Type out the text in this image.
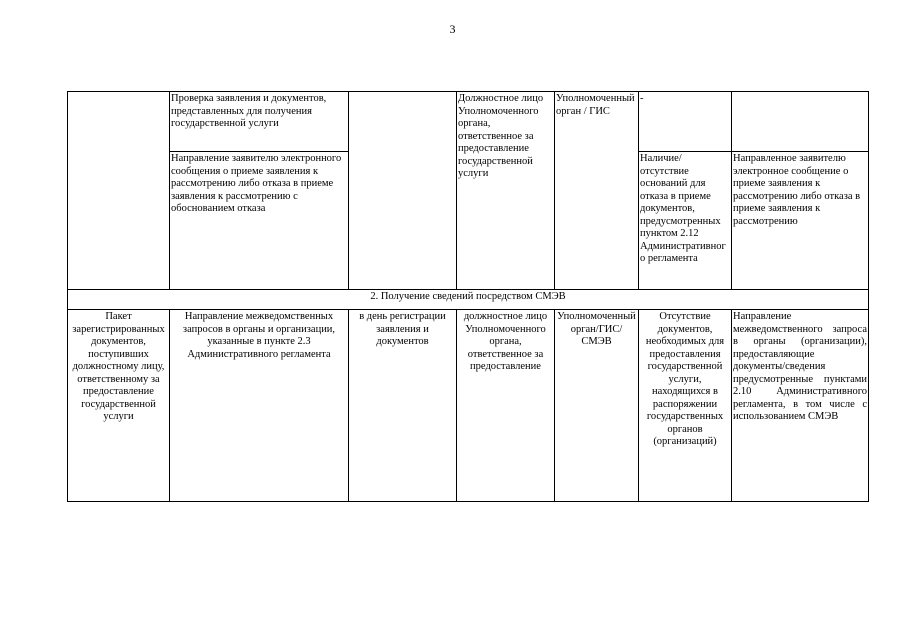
3
	Проверка заявления и документов, представленных для получения государственной услуги		Должностное лицо Уполномоченного органа, ответственное за предоставление государственной услуги	Уполномоченный орган / ГИС	-	
	Направление заявителю электронного сообщения о приеме заявления к рассмотрению либо отказа в приеме заявления к рассмотрению с обоснованием отказа				Наличие/отсутствие оснований для отказа в приеме документов, предусмотренных пунктом 2.12 Административного регламента	Направленное заявителю электронное сообщение о приеме заявления к рассмотрению либо отказа в приеме заявления к рассмотрению
2. Получение сведений посредством СМЭВ						
Пакет зарегистрированных документов, поступивших должностному лицу, ответственному за предоставление государственной услуги	Направление межведомственных запросов в органы и организации, указанные в пункте 2.3 Административного регламента	в день регистрации заявления и документов	должностное лицо Уполномоченного органа, ответственное за предоставление	Уполномоченный орган/ГИС/ СМЭВ	Отсутствие документов, необходимых для предоставления государственной услуги, находящихся в распоряжении государственных органов (организаций)	Направление межведомственного запроса в органы (организации), предоставляющие документы/сведения предусмотренные пунктами 2.10 Административного регламента, в том числе с использованием СМЭВ
